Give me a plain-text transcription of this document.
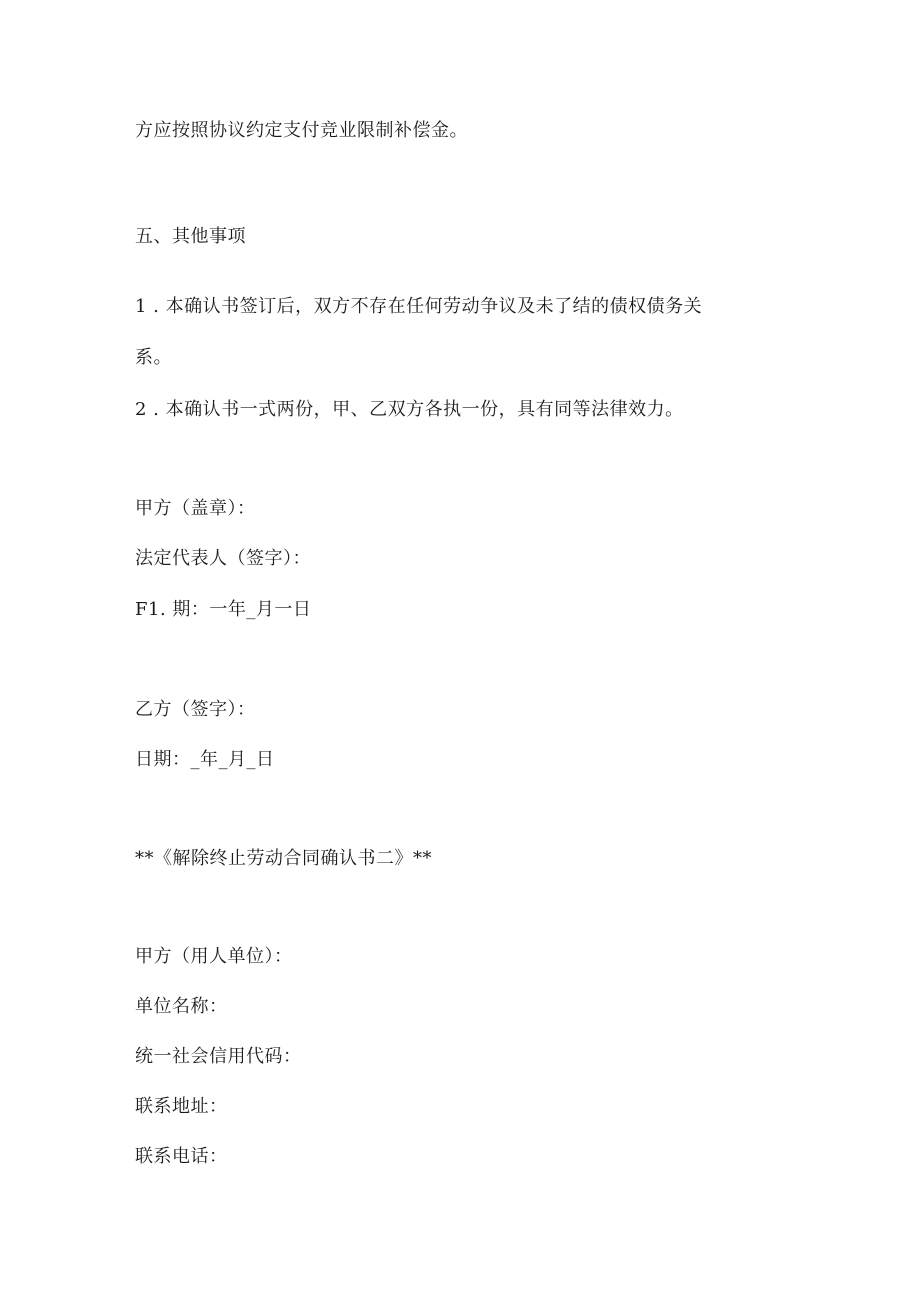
方应按照协议约定支付竞业限制补偿金。
五、其他事项
1 . 本确认书签订后，双方不存在任何劳动争议及未了结的债权债务关
系。
2 . 本确认书一式两份，甲、乙双方各执一份，具有同等法律效力。
甲方（盖章）：
法定代表人（签字）：
F1. 期：一年_月一日
乙方（签字）：
日期：_年_月_日
**《解除终止劳动合同确认书二》**
甲方（用人单位）：
单位名称：
统一社会信用代码：
联系地址：
联系电话：
